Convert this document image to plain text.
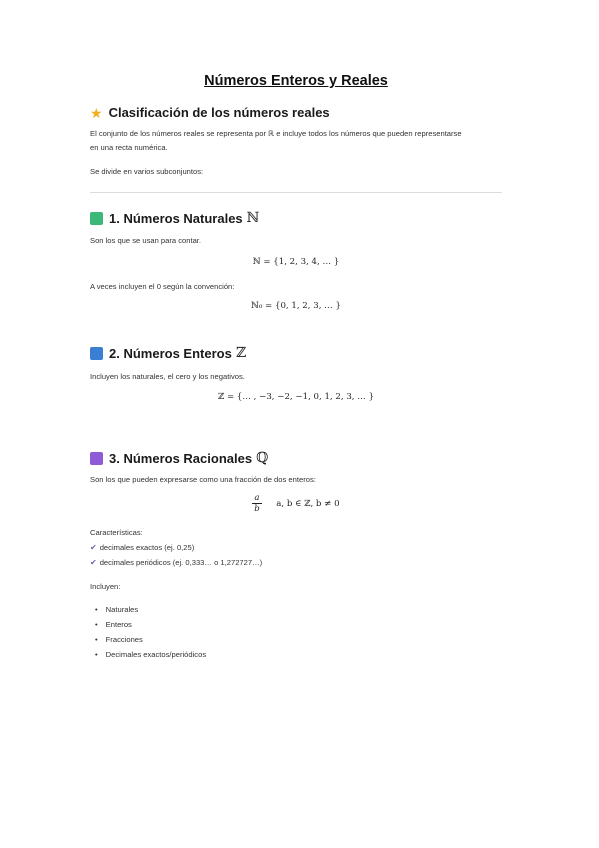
Números Enteros y Reales
★ Clasificación de los números reales
El conjunto de los números reales se representa por ℝ e incluye todos los números que pueden representarse en una recta numérica.
Se divide en varios subconjuntos:
1. Números Naturales ℕ
Son los que se usan para contar.
ℕ = {1, 2, 3, 4, … }
A veces incluyen el 0 según la convención:
ℕ₀ = {0, 1, 2, 3, … }
2. Números Enteros ℤ
Incluyen los naturales, el cero y los negativos.
ℤ = {… , −3, −2, −1, 0, 1, 2, 3, … }
3. Números Racionales ℚ
Son los que pueden expresarse como una fracción de dos enteros:
$\frac{a}{b} a$, b ∈ ℤ, b ≠ 0
Características:
✔ decimales exactos (ej. 0,25)
✔ decimales periódicos (ej. 0,333… o 1,272727…)
Incluyen:
• Naturales
• Enteros
• Fracciones
• Decimales exactos/periódicos
